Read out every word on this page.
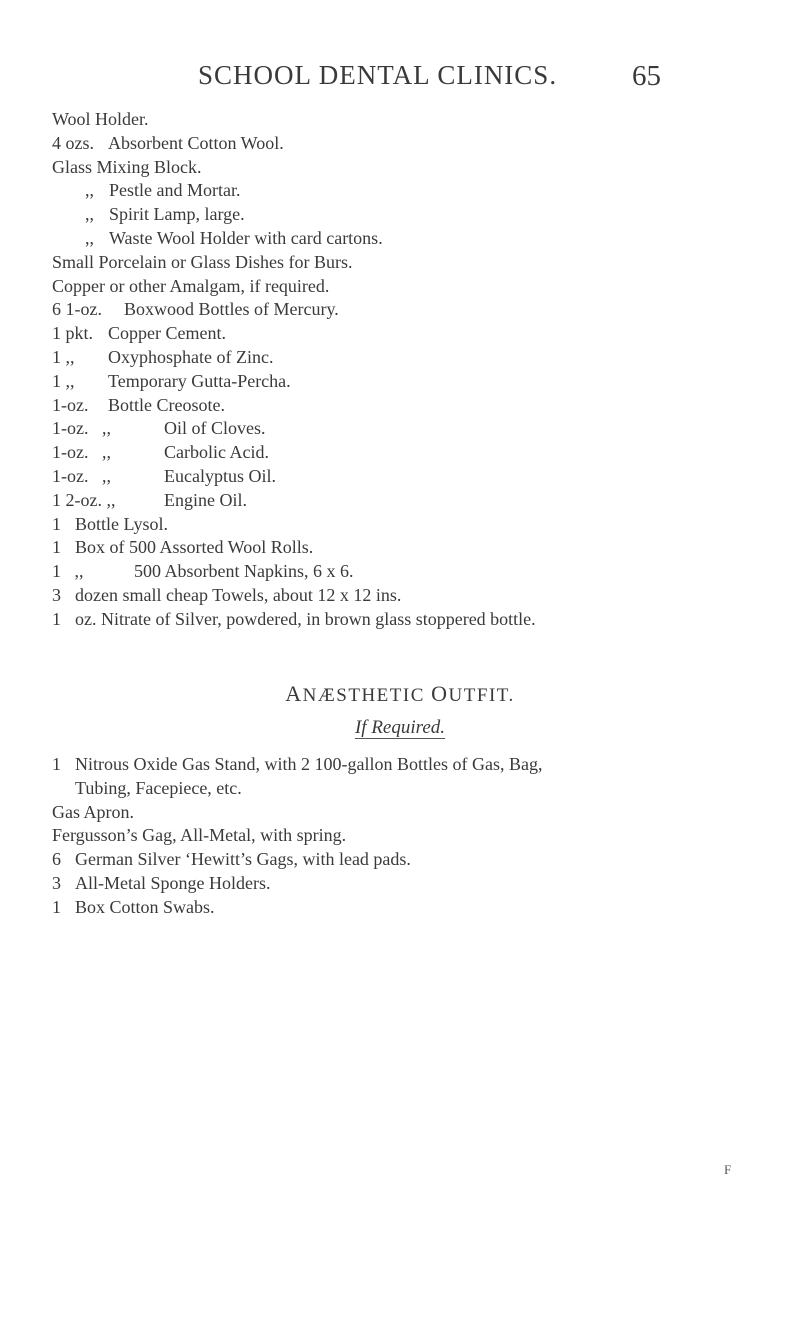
SCHOOL DENTAL CLINICS.	65
Wool Holder.
4 ozs. Absorbent Cotton Wool.
Glass Mixing Block.
,, Pestle and Mortar.
,, Spirit Lamp, large.
,, Waste Wool Holder with card cartons.
Small Porcelain or Glass Dishes for Burs.
Copper or other Amalgam, if required.
6 1-oz. Boxwood Bottles of Mercury.
1 pkt. Copper Cement.
1 ,, Oxyphosphate of Zinc.
1 ,, Temporary Gutta-Percha.
1-oz. Bottle Creosote.
1-oz.   ,,	Oil of Cloves.
1-oz.   ,,	Carbolic Acid.
1-oz.   ,,	Eucalyptus Oil.
1 2-oz. ,,	Engine Oil.
1 Bottle Lysol.
1 Box of 500 Assorted Wool Rolls.
1   ,,	500 Absorbent Napkins, 6 x 6.
3 dozen small cheap Towels, about 12 x 12 ins.
1 oz. Nitrate of Silver, powdered, in brown glass stoppered bottle.
ANÆSTHETIC OUTFIT.
If Required.
1 Nitrous Oxide Gas Stand, with 2 100-gallon Bottles of Gas, Bag,
Tubing, Facepiece, etc.
Gas Apron.
Fergusson’s Gag, All-Metal, with spring.
6 German Silver ‘Hewitt’s Gags, with lead pads.
3 All-Metal Sponge Holders.
1 Box Cotton Swabs.
F
